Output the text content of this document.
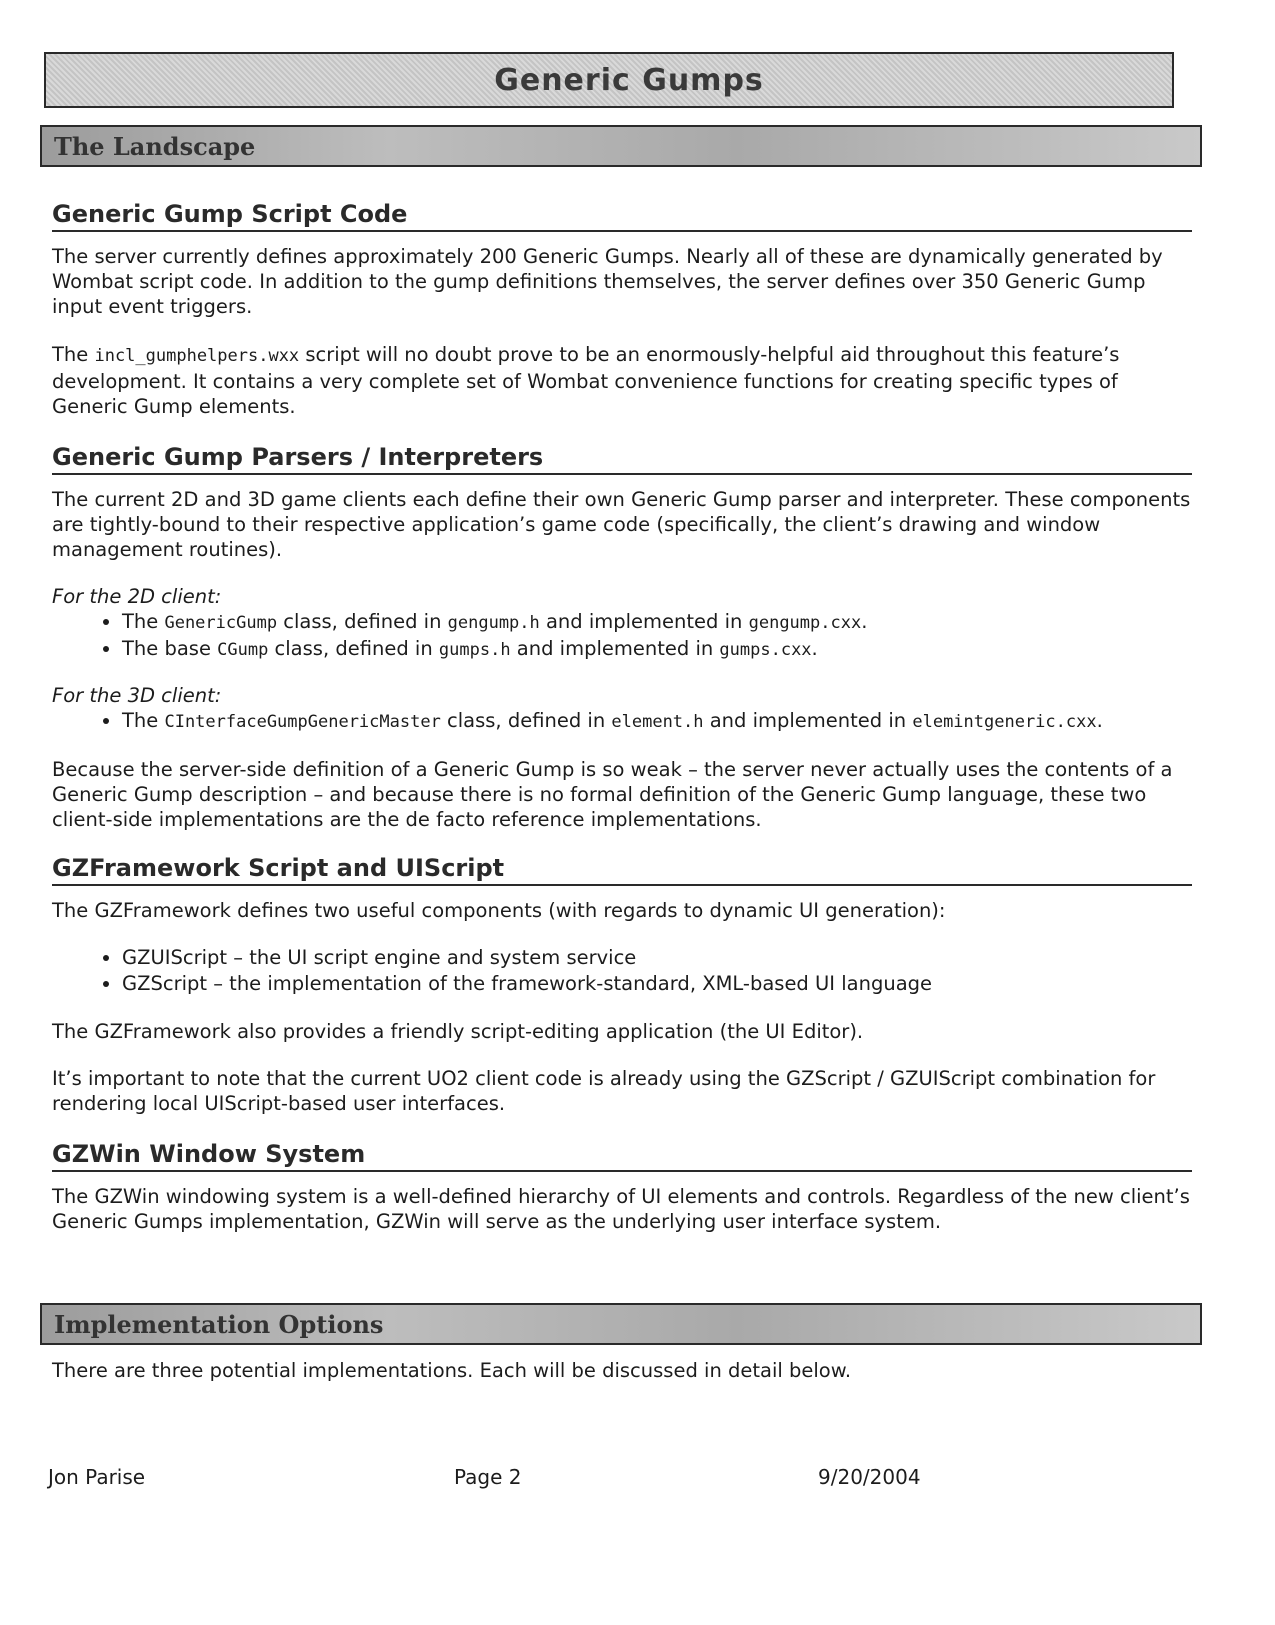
Generic Gumps
The Landscape
Generic Gump Script Code

The server currently defines approximately 200 Generic Gumps. Nearly all of these are dynamically generated by Wombat script code. In addition to the gump definitions themselves, the server defines over 350 Generic Gump input event triggers.

The incl_gumphelpers.wxx script will no doubt prove to be an enormously-helpful aid throughout this feature’s development. It contains a very complete set of Wombat convenience functions for creating specific types of Generic Gump elements.

Generic Gump Parsers / Interpreters

The current 2D and 3D game clients each define their own Generic Gump parser and interpreter. These components are tightly-bound to their respective application’s game code (specifically, the client’s drawing and window management routines).

For the 2D client:

• The GenericGump class, defined in gengump.h and implemented in gengump.cxx.
• The base CGump class, defined in gumps.h and implemented in gumps.cxx.

For the 3D client:

• The CInterfaceGumpGenericMaster class, defined in element.h and implemented in elemintgeneric.cxx.

Because the server-side definition of a Generic Gump is so weak – the server never actually uses the contents of a Generic Gump description – and because there is no formal definition of the Generic Gump language, these two client-side implementations are the de facto reference implementations.

GZFramework Script and UIScript

The GZFramework defines two useful components (with regards to dynamic UI generation):

• GZUIScript – the UI script engine and system service
• GZScript – the implementation of the framework-standard, XML-based UI language

The GZFramework also provides a friendly script-editing application (the UI Editor).

It’s important to note that the current UO2 client code is already using the GZScript / GZUIScript combination for rendering local UIScript-based user interfaces.

GZWin Window System

The GZWin windowing system is a well-defined hierarchy of UI elements and controls. Regardless of the new client’s Generic Gumps implementation, GZWin will serve as the underlying user interface system.

Implementation Options

There are three potential implementations. Each will be discussed in detail below.

Jon Parise	Page 2	9/20/2004
